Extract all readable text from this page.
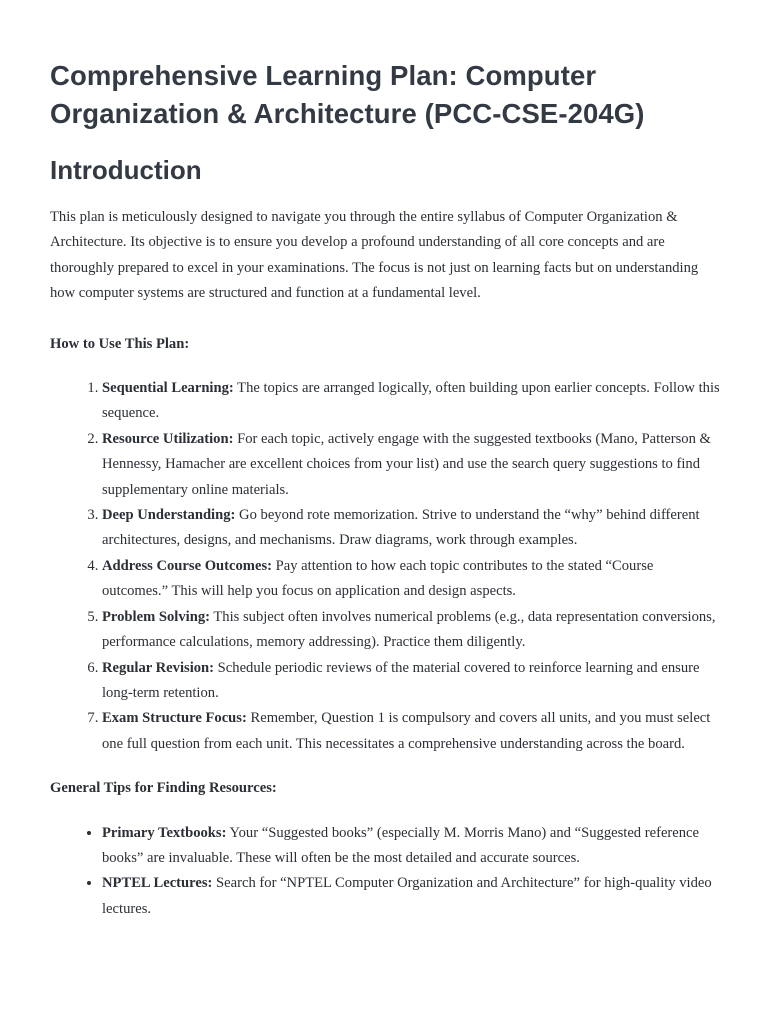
Comprehensive Learning Plan: Computer Organization & Architecture (PCC-CSE-204G)
Introduction

This plan is meticulously designed to navigate you through the entire syllabus of Computer Organization & Architecture. Its objective is to ensure you develop a profound understanding of all core concepts and are thoroughly prepared to excel in your examinations. The focus is not just on learning facts but on understanding how computer systems are structured and function at a fundamental level.

How to Use This Plan:

1. Sequential Learning: The topics are arranged logically, often building upon earlier concepts. Follow this sequence.
2. Resource Utilization: For each topic, actively engage with the suggested textbooks (Mano, Patterson & Hennessy, Hamacher are excellent choices from your list) and use the search query suggestions to find supplementary online materials.
3. Deep Understanding: Go beyond rote memorization. Strive to understand the “why” behind different architectures, designs, and mechanisms. Draw diagrams, work through examples.
4. Address Course Outcomes: Pay attention to how each topic contributes to the stated “Course outcomes.” This will help you focus on application and design aspects.
5. Problem Solving: This subject often involves numerical problems (e.g., data representation conversions, performance calculations, memory addressing). Practice them diligently.
6. Regular Revision: Schedule periodic reviews of the material covered to reinforce learning and ensure long-term retention.
7. Exam Structure Focus: Remember, Question 1 is compulsory and covers all units, and you must select one full question from each unit. This necessitates a comprehensive understanding across the board.

General Tips for Finding Resources:

• Primary Textbooks: Your “Suggested books” (especially M. Morris Mano) and “Suggested reference books” are invaluable. These will often be the most detailed and accurate sources.
• NPTEL Lectures: Search for “NPTEL Computer Organization and Architecture” for high-quality video lectures.
